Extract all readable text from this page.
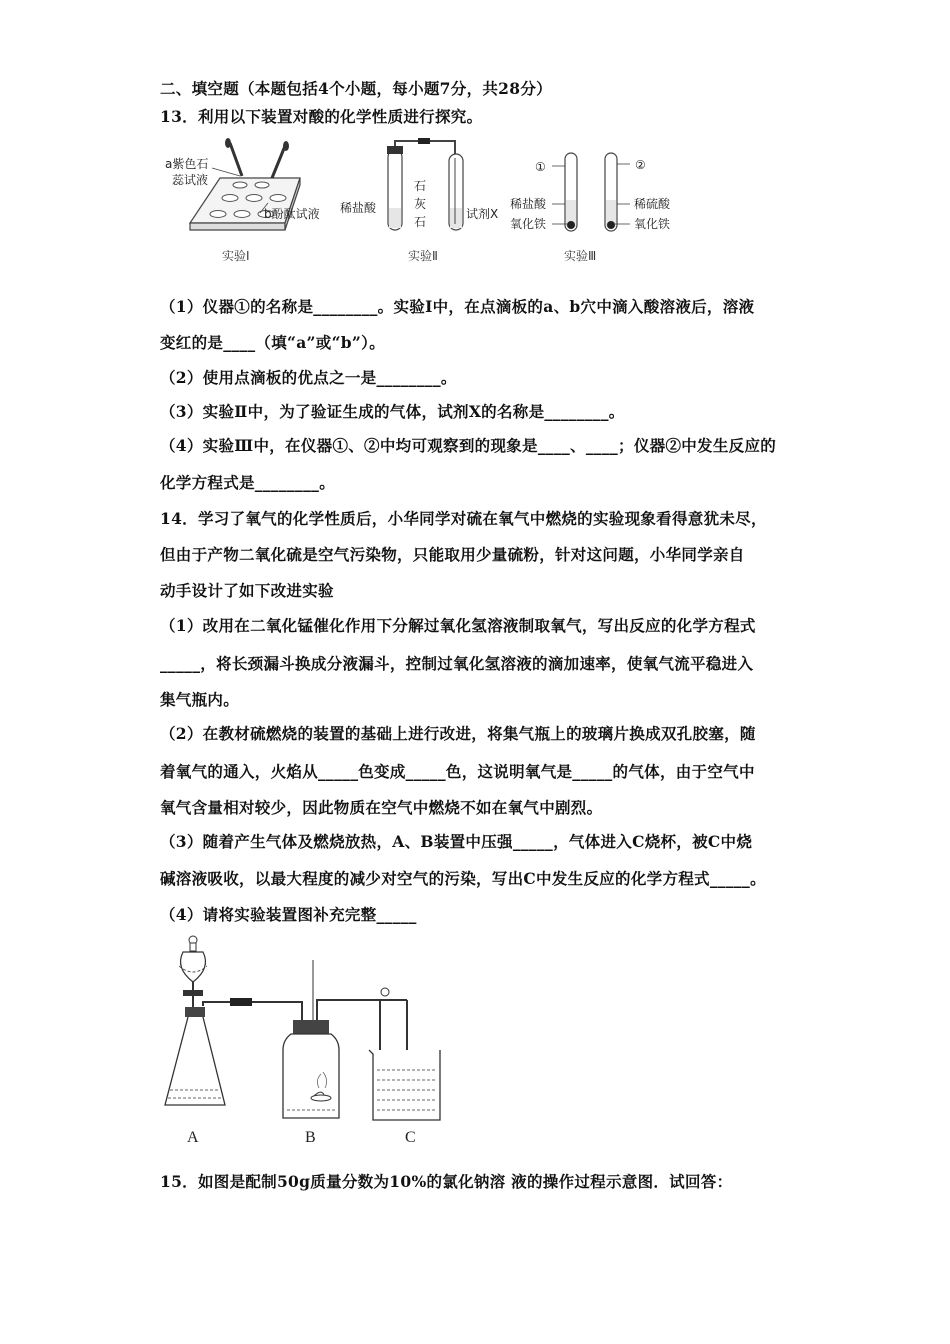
二、填空题（本题包括4个小题，每小题7分，共28分）
13．利用以下装置对酸的化学性质进行探究。
a紫色石
蕊试液
b酚酞试液
实验Ⅰ
稀盐酸
石
灰
石
试剂X
实验Ⅱ
①	②
稀盐酸
氧化铁
稀硫酸
氧化铁
实验Ⅲ
（1）仪器①的名称是________。实验Ⅰ中，在点滴板的a、b穴中滴入酸溶液后，溶液
变红的是____（填“a”或“b”）。
（2）使用点滴板的优点之一是________。
（3）实验Ⅱ中，为了验证生成的气体，试剂X的名称是________。
（4）实验Ⅲ中，在仪器①、②中均可观察到的现象是____、____；仪器②中发生反应的
化学方程式是________。
14．学习了氧气的化学性质后，小华同学对硫在氧气中燃烧的实验现象看得意犹未尽，
但由于产物二氧化硫是空气污染物，只能取用少量硫粉，针对这问题，小华同学亲自
动手设计了如下改进实验
（1）改用在二氧化锰催化作用下分解过氧化氢溶液制取氧气，写出反应的化学方程式
_____，将长颈漏斗换成分液漏斗，控制过氧化氢溶液的滴加速率，使氧气流平稳进入
集气瓶内。
（2）在教材硫燃烧的装置的基础上进行改进，将集气瓶上的玻璃片换成双孔胶塞，随
着氧气的通入，火焰从_____色变成_____色，这说明氧气是_____的气体，由于空气中
氧气含量相对较少，因此物质在空气中燃烧不如在氧气中剧烈。
（3）随着产生气体及燃烧放热，A、B装置中压强_____，气体进入C烧杯，被C中烧
碱溶液吸收，以最大程度的减少对空气的污染，写出C中发生反应的化学方程式_____。
（4）请将实验装置图补充完整_____
A	B	C
15．如图是配制50g质量分数为10%的氯化钠溶 液的操作过程示意图．试回答：
